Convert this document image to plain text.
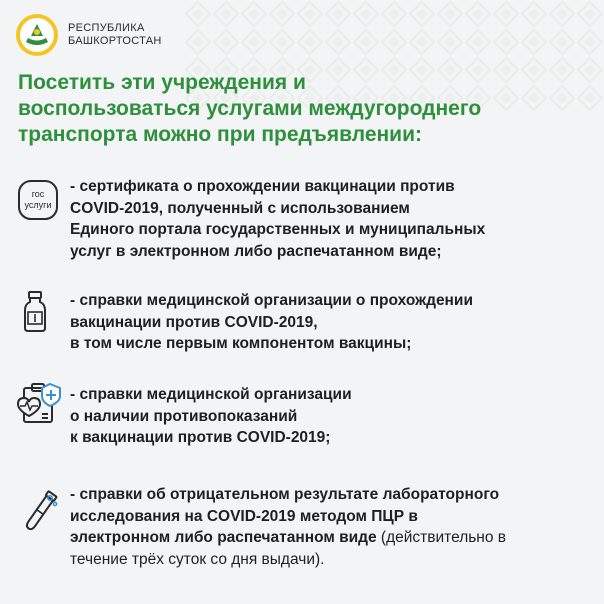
РЕСПУБЛИКА
БАШКОРТОСТАН
Посетить эти учреждения и
воспользоваться услугами междугороднего
транспорта можно при предъявлении:
гос
услуги
- сертификата о прохождении вакцинации против
COVID-2019, полученный с использованием
Единого портала государственных и муниципальных
услуг в электронном либо распечатанном виде;
- справки медицинской организации о прохождении
вакцинации против COVID-2019,
в том числе первым компонентом вакцины;
- справки медицинской организации
о наличии противопоказаний
к вакцинации против COVID-2019;
- справки об отрицательном результате лабораторного
исследования на COVID-2019 методом ПЦР в
электронном либо распечатанном виде (действительно в
течение трёх суток со дня выдачи).
